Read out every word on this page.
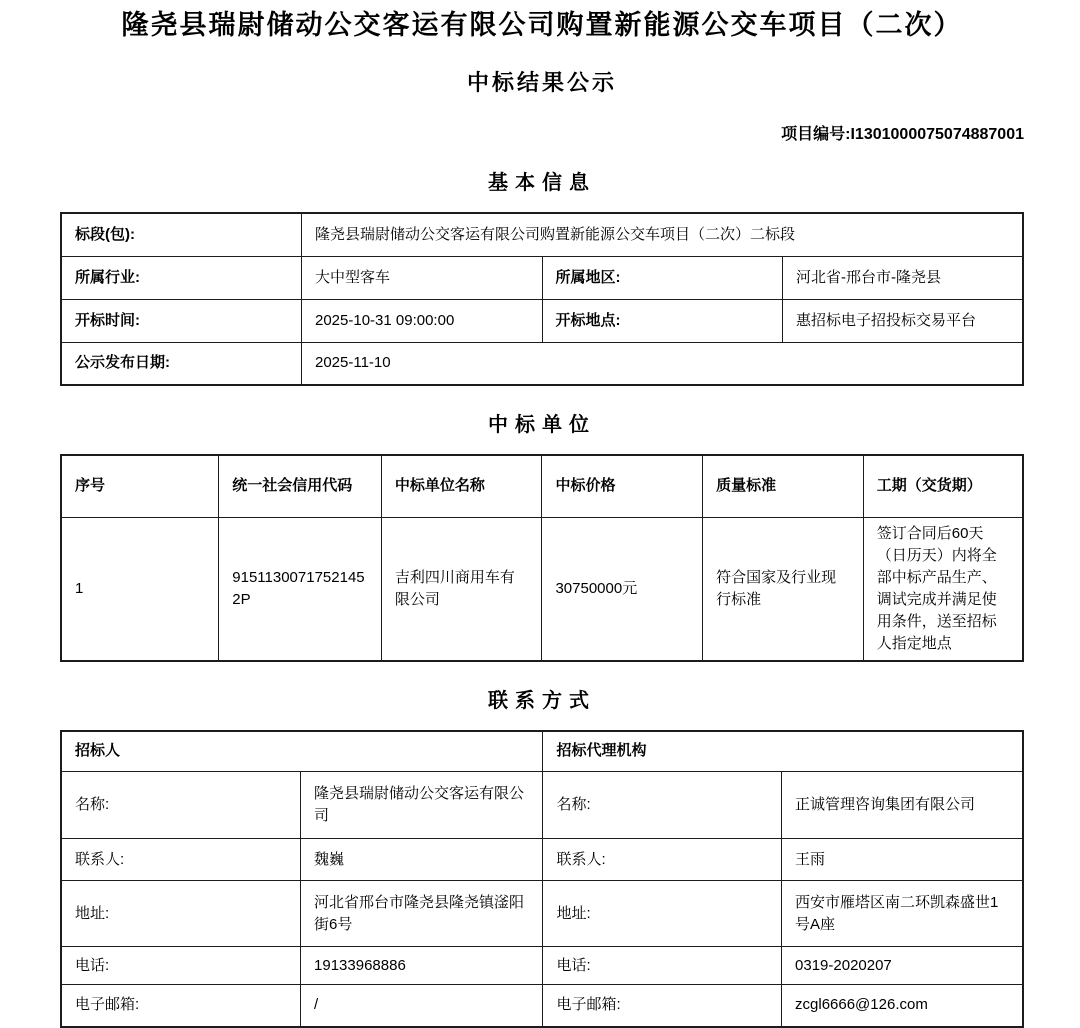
隆尧县瑞尉储动公交客运有限公司购置新能源公交车项目（二次）
中标结果公示
项目编号:I1301000075074887001
基本信息
标段(包):	隆尧县瑞尉储动公交客运有限公司购置新能源公交车项目（二次）二标段		
所属行业:	大中型客车	所属地区:	河北省-邢台市-隆尧县
开标时间:	2025-10-31 09:00:00	开标地点:	惠招标电子招投标交易平台
公示发布日期:	2025-11-10		
中标单位
序号	统一社会信用代码	中标单位名称	中标价格	质量标准	工期（交货期）
1	91511300717521452P	吉利四川商用车有限公司	30750000元	符合国家及行业现行标准	签订合同后60天（日历天）内将全部中标产品生产、调试完成并满足使用条件，送至招标人指定地点
联系方式
招标人		招标代理机构	
名称:	隆尧县瑞尉储动公交客运有限公司	名称:	正诚管理咨询集团有限公司
联系人:	魏巍	联系人:	王雨
地址:	河北省邢台市隆尧县隆尧镇滏阳街6号	地址:	西安市雁塔区南二环凯森盛世1号A座
电话:	19133968886	电话:	0319-2020207
电子邮箱:	/	电子邮箱:	zcgl6666@126.com
